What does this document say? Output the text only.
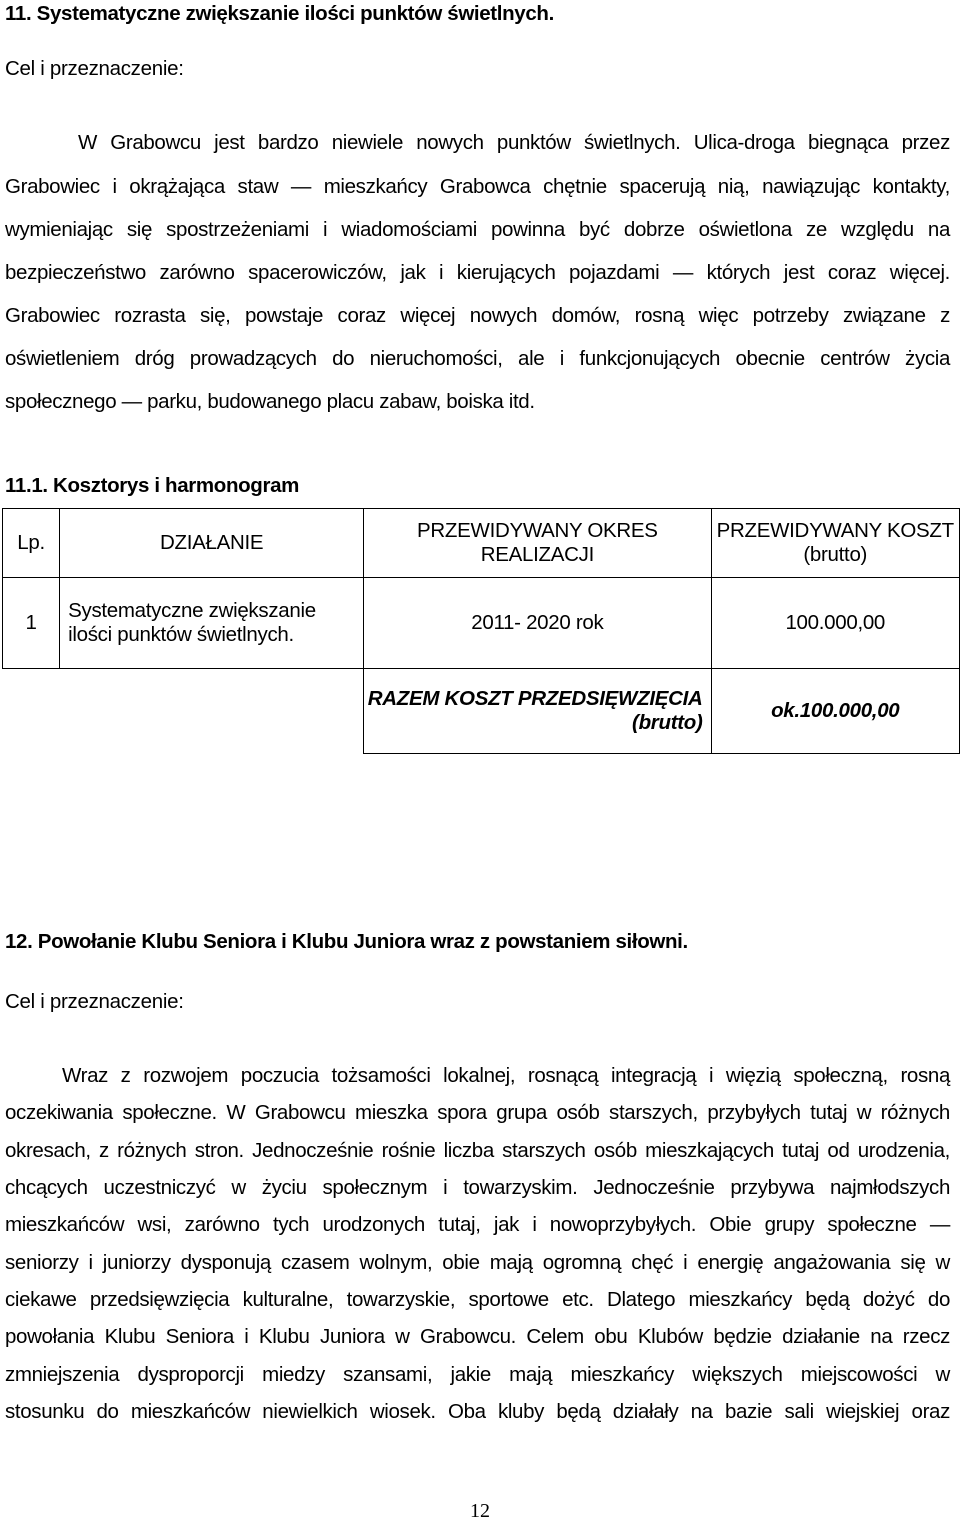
11. Systematyczne zwiększanie ilości punktów świetlnych.
Cel i przeznaczenie:
W Grabowcu jest bardzo niewiele nowych punktów świetlnych. Ulica-droga biegnąca przez
Grabowiec i okrążająca staw — mieszkańcy Grabowca chętnie spacerują nią, nawiązując kontakty,
wymieniając się spostrzeżeniami i wiadomościami powinna być dobrze oświetlona ze względu na
bezpieczeństwo zarówno spacerowiczów, jak i kierujących pojazdami — których jest coraz więcej.
Grabowiec rozrasta się, powstaje coraz więcej nowych domów, rosną więc potrzeby związane z
oświetleniem dróg prowadzących do nieruchomości, ale i funkcjonujących obecnie centrów życia
społecznego — parku, budowanego placu zabaw, boiska itd.
11.1. Kosztorys i harmonogram
Lp.	DZIAŁANIE	PRZEWIDYWANY OKRES REALIZACJI	PRZEWIDYWANY KOSZT (brutto)
1	Systematyczne zwiększanie ilości punktów świetlnych.	2011- 2020 rok	100.000,00
		RAZEM KOSZT PRZEDSIĘWZIĘCIA (brutto)	ok.100.000,00
12. Powołanie Klubu Seniora i Klubu Juniora wraz z powstaniem siłowni.
Cel i przeznaczenie:
Wraz z rozwojem poczucia tożsamości lokalnej, rosnącą integracją i więzią społeczną, rosną
oczekiwania społeczne. W Grabowcu mieszka spora grupa osób starszych, przybyłych tutaj w różnych
okresach, z różnych stron. Jednocześnie rośnie liczba starszych osób mieszkających tutaj od urodzenia,
chcących uczestniczyć w życiu społecznym i towarzyskim. Jednocześnie przybywa najmłodszych
mieszkańców wsi, zarówno tych urodzonych tutaj, jak i nowoprzybyłych. Obie grupy społeczne —
seniorzy i juniorzy dysponują czasem wolnym, obie mają ogromną chęć i energię angażowania się w
ciekawe przedsięwzięcia kulturalne, towarzyskie, sportowe etc. Dlatego mieszkańcy będą dożyć do
powołania Klubu Seniora i Klubu Juniora w Grabowcu. Celem obu Klubów będzie działanie na rzecz
zmniejszenia dysproporcji miedzy szansami, jakie mają mieszkańcy większych miejscowości w
stosunku do mieszkańców niewielkich wiosek. Oba kluby będą działały na bazie sali wiejskiej oraz
12
